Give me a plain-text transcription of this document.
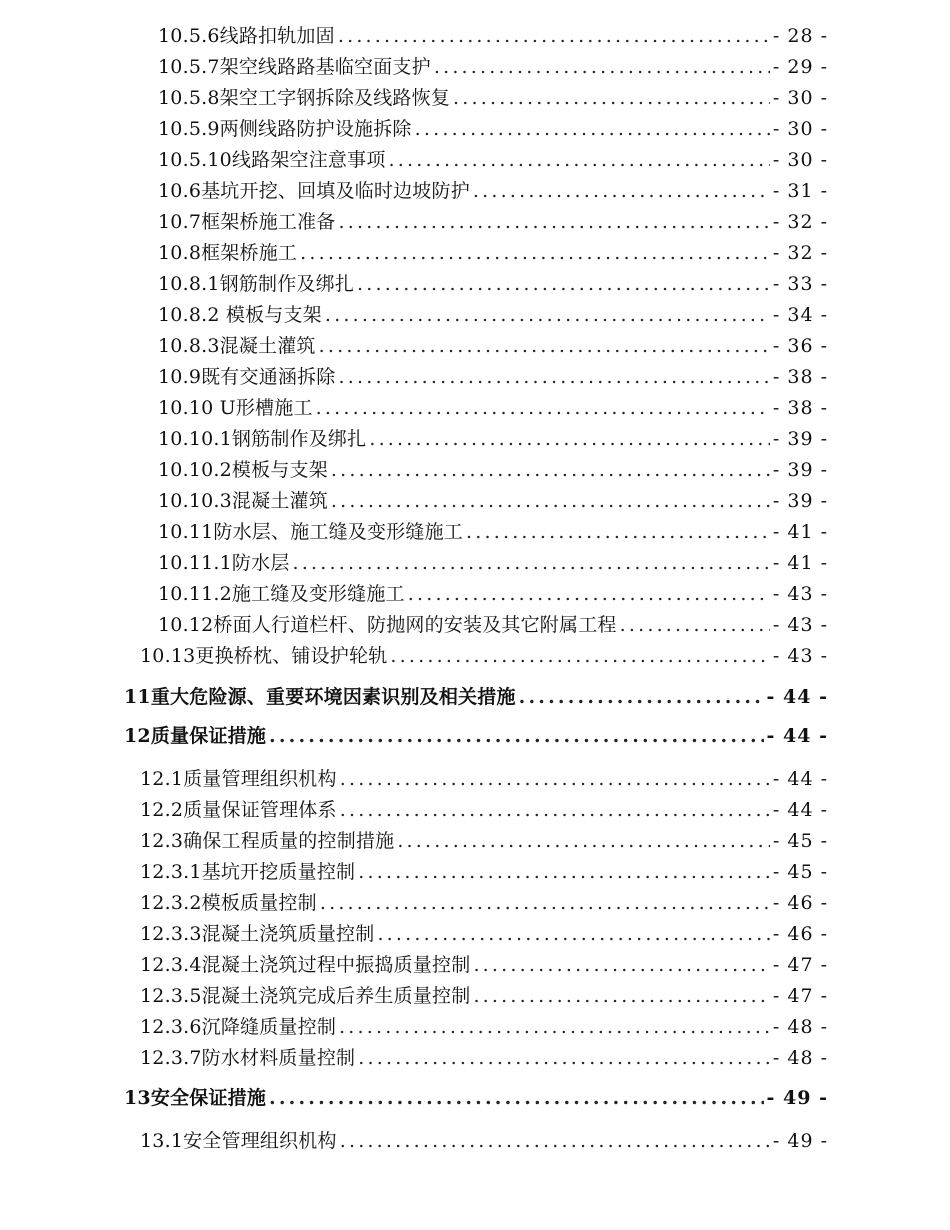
10.5.6线路扣轨加固 .....	- 28 -
10.5.7架空线路路基临空面支护 .....	- 29 -
10.5.8架空工字钢拆除及线路恢复 .....	- 30 -
10.5.9两侧线路防护设施拆除 .....	- 30 -
10.5.10线路架空注意事项 .....	- 30 -
10.6基坑开挖、回填及临时边坡防护 .....	- 31 -
10.7框架桥施工准备 .....	- 32 -
10.8框架桥施工 .....	- 32 -
10.8.1钢筋制作及绑扎 .....	- 33 -
10.8.2 模板与支架 .....	- 34 -
10.8.3混凝土灌筑 .....	- 36 -
10.9既有交通涵拆除 .....	- 38 -
10.10 U形槽施工 .....	- 38 -
10.10.1钢筋制作及绑扎 .....	- 39 -
10.10.2模板与支架 .....	- 39 -
10.10.3混凝土灌筑 .....	- 39 -
10.11防水层、施工缝及变形缝施工 .....	- 41 -
10.11.1防水层 .....	- 41 -
10.11.2施工缝及变形缝施工 .....	- 43 -
10.12桥面人行道栏杆、防抛网的安装及其它附属工程 .....	- 43 -
10.13更换桥枕、铺设护轮轨 .....	- 43 -
11重大危险源、重要环境因素识别及相关措施 .....	- 44 -
12质量保证措施 .....	- 44 -
12.1质量管理组织机构 .....	- 44 -
12.2质量保证管理体系 .....	- 44 -
12.3确保工程质量的控制措施 .....	- 45 -
12.3.1基坑开挖质量控制 .....	- 45 -
12.3.2模板质量控制 .....	- 46 -
12.3.3混凝土浇筑质量控制 .....	- 46 -
12.3.4混凝土浇筑过程中振捣质量控制 .....	- 47 -
12.3.5混凝土浇筑完成后养生质量控制 .....	- 47 -
12.3.6沉降缝质量控制 .....	- 48 -
12.3.7防水材料质量控制 .....	- 48 -
13安全保证措施 .....	- 49 -
13.1安全管理组织机构 .....	- 49 -
